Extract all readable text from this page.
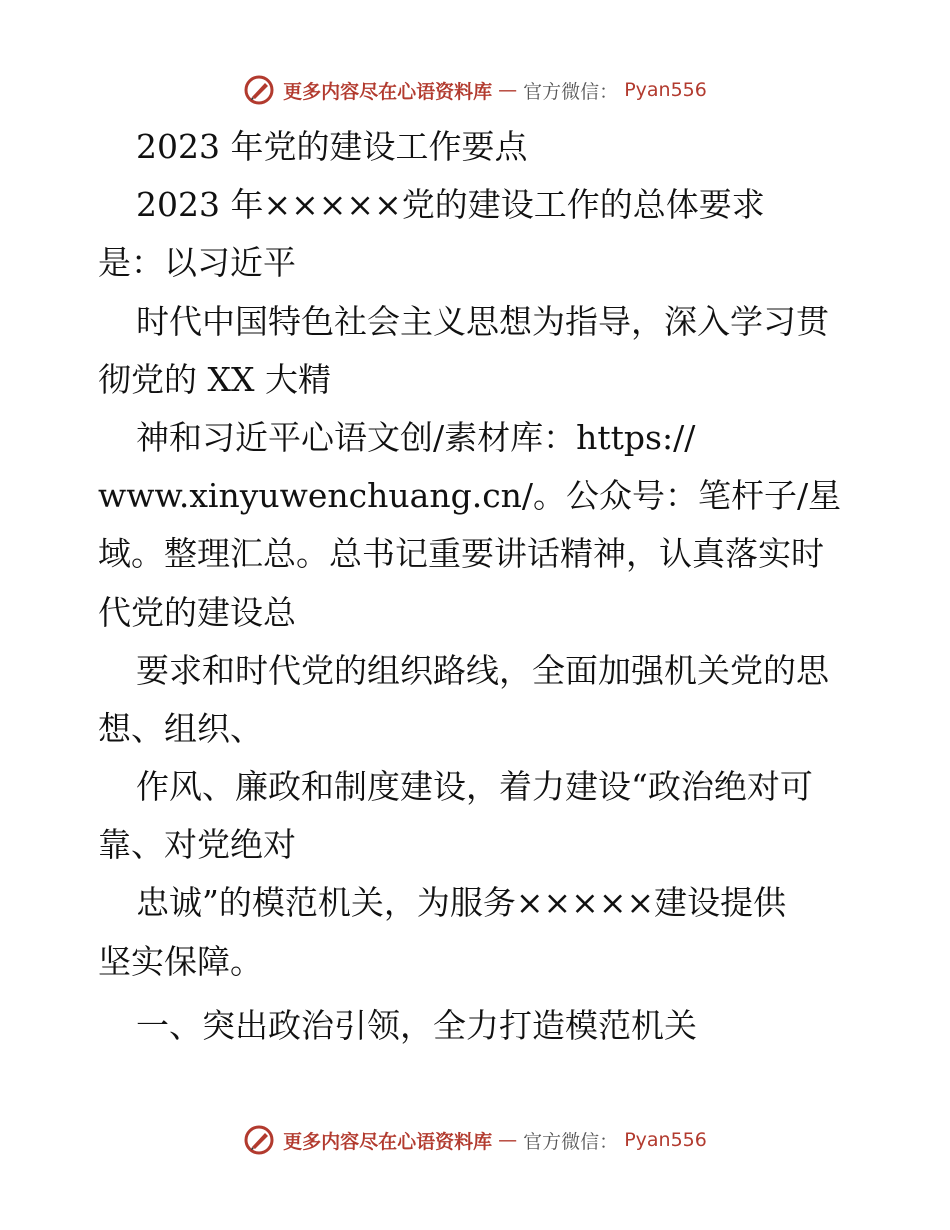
更多内容尽在心语资料库 — 官方微信： Pyan556
2023 年党的建设工作要点
2023 年×××××党的建设工作的总体要求
是：以习近平
时代中国特色社会主义思想为指导，深入学习贯
彻党的 XX 大精
神和习近平心语文创/素材库：https://
www.xinyuwenchuang.cn/。公众号：笔杆子/星
域。整理汇总。总书记重要讲话精神，认真落实时
代党的建设总
要求和时代党的组织路线，全面加强机关党的思
想、组织、
作风、廉政和制度建设，着力建设“政治绝对可
靠、对党绝对
忠诚”的模范机关，为服务×××××建设提供
坚实保障。
一、突出政治引领，全力打造模范机关
更多内容尽在心语资料库 — 官方微信： Pyan556
